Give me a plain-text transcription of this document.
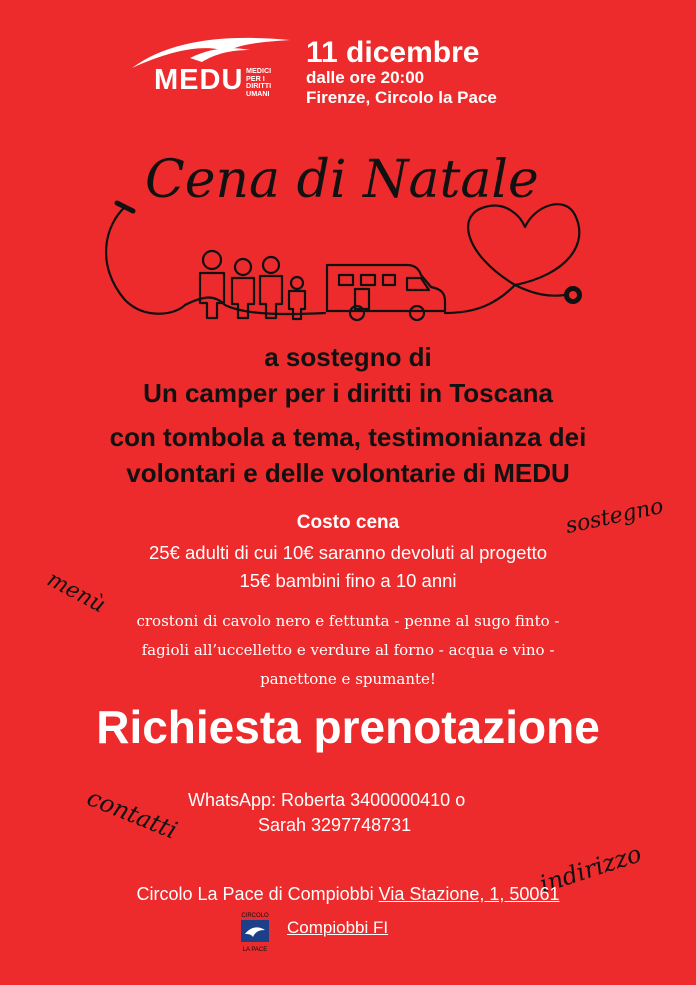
MEDU MEDICI
PER I
DIRITTI
UMANI
11 dicembre
dalle ore 20:00
Firenze, Circolo la Pace
Cena di Natale
a sostegno di
Un camper per i diritti in Toscana
con tombola a tema, testimonianza dei
volontari e delle volontarie di MEDU
sostegno
Costo cena
25€ adulti di cui 10€ saranno devoluti al progetto
15€ bambini fino a 10 anni
menù
crostoni di cavolo nero e fettunta - penne al sugo finto -
fagioli all’uccelletto e verdure al forno - acqua e vino -
panettone e spumante!
Richiesta prenotazione
contatti WhatsApp: Roberta 3400000410 o
Sarah 3297748731
indirizzo
Circolo La Pace di Compiobbi Via Stazione, 1, 50061
CIRCOLO
LA PACE
Compiobbi FI
